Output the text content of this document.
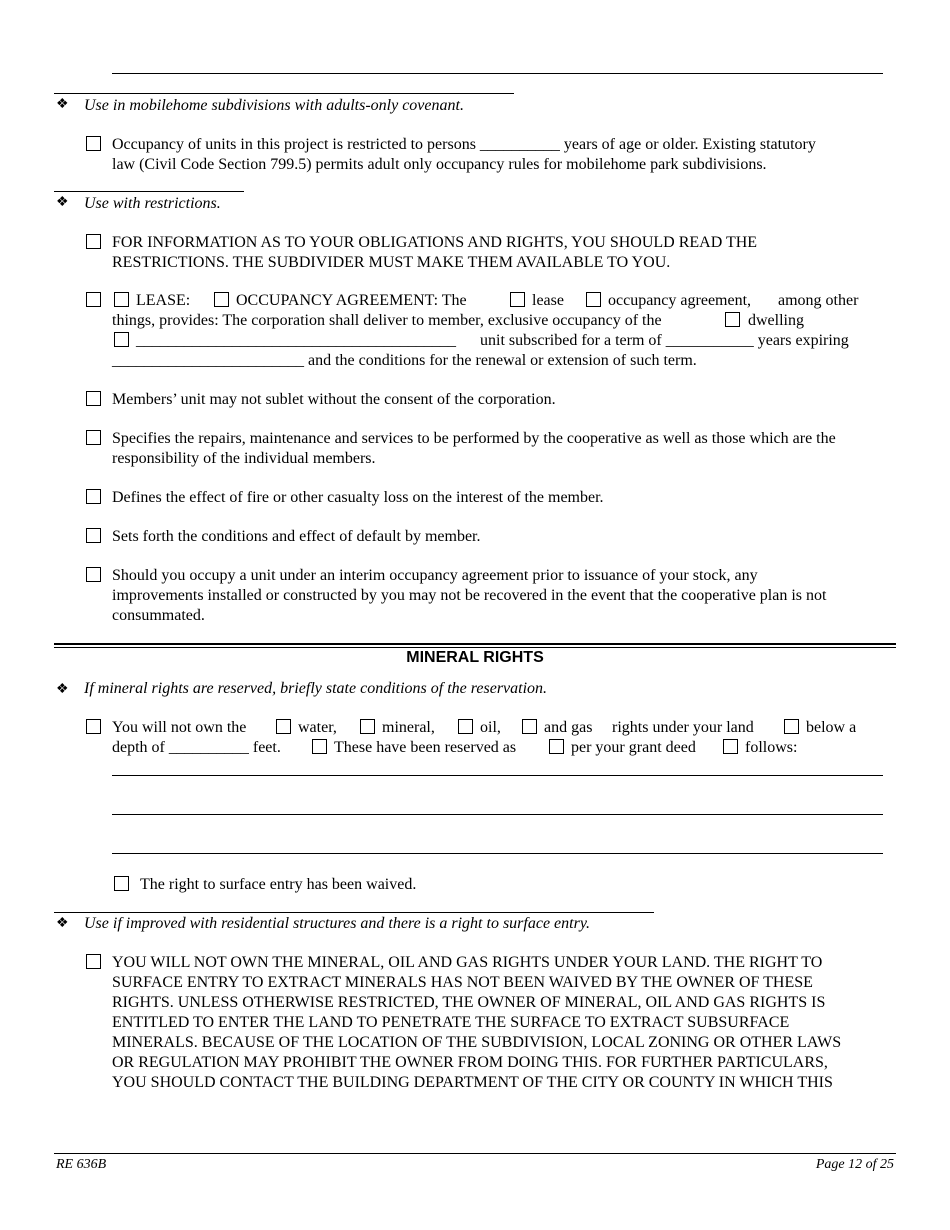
❖ Use in mobilehome subdivisions with adults-only covenant.
Occupancy of units in this project is restricted to persons __________ years of age or older. Existing statutory
law (Civil Code Section 799.5) permits adult only occupancy rules for mobilehome park subdivisions.
❖ Use with restrictions.
FOR INFORMATION AS TO YOUR OBLIGATIONS AND RIGHTS, YOU SHOULD READ THE
RESTRICTIONS. THE SUBDIVIDER MUST MAKE THEM AVAILABLE TO YOU.
LEASE:	OCCUPANCY AGREEMENT: The	lease	occupancy agreement, among other
things, provides: The corporation shall deliver to member, exclusive occupancy of the	dwelling
________________________________________ unit subscribed for a term of ___________ years expiring
________________________ and the conditions for the renewal or extension of such term.
Members’ unit may not sublet without the consent of the corporation.
Specifies the repairs, maintenance and services to be performed by the cooperative as well as those which are the
responsibility of the individual members.
Defines the effect of fire or other casualty loss on the interest of the member.
Sets forth the conditions and effect of default by member.
Should you occupy a unit under an interim occupancy agreement prior to issuance of your stock, any
improvements installed or constructed by you may not be recovered in the event that the cooperative plan is not
consummated.
MINERAL RIGHTS
❖ If mineral rights are reserved, briefly state conditions of the reservation.
You will not own the	water,	mineral,	oil,	and gas rights under your land	below a
depth of __________ feet.	These have been reserved as	per your grant deed	follows:
The right to surface entry has been waived.
❖ Use if improved with residential structures and there is a right to surface entry.
YOU WILL NOT OWN THE MINERAL, OIL AND GAS RIGHTS UNDER YOUR LAND. THE RIGHT TO
SURFACE ENTRY TO EXTRACT MINERALS HAS NOT BEEN WAIVED BY THE OWNER OF THESE
RIGHTS. UNLESS OTHERWISE RESTRICTED, THE OWNER OF MINERAL, OIL AND GAS RIGHTS IS
ENTITLED TO ENTER THE LAND TO PENETRATE THE SURFACE TO EXTRACT SUBSURFACE
MINERALS. BECAUSE OF THE LOCATION OF THE SUBDIVISION, LOCAL ZONING OR OTHER LAWS
OR REGULATION MAY PROHIBIT THE OWNER FROM DOING THIS. FOR FURTHER PARTICULARS,
YOU SHOULD CONTACT THE BUILDING DEPARTMENT OF THE CITY OR COUNTY IN WHICH THIS
RE 636B	Page 12 of 25
